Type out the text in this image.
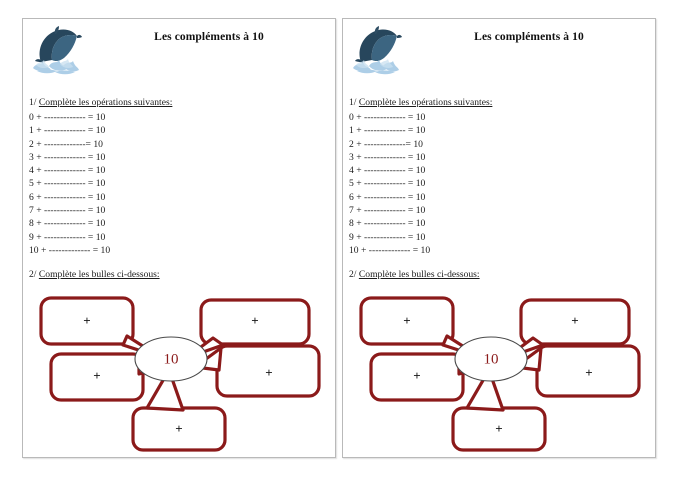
Les compléments à 10
1/ Complète les opérations suivantes:
0 + ------------- = 10
1 + ------------- = 10
2 + -------------= 10
3 + ------------- = 10
4 + ------------- = 10
5 + ------------- = 10
6 + ------------- = 10
7 + ------------- = 10
8 + ------------- = 10
9 + ------------- = 10
10 + ------------- = 10
2/ Complète les bulles ci-dessous:
+	+
+	+
+
10
Les compléments à 10
1/ Complète les opérations suivantes:
0 + ------------- = 10
1 + ------------- = 10
2 + -------------= 10
3 + ------------- = 10
4 + ------------- = 10
5 + ------------- = 10
6 + ------------- = 10
7 + ------------- = 10
8 + ------------- = 10
9 + ------------- = 10
10 + ------------- = 10
2/ Complète les bulles ci-dessous:
+	+
+	+
+
10
